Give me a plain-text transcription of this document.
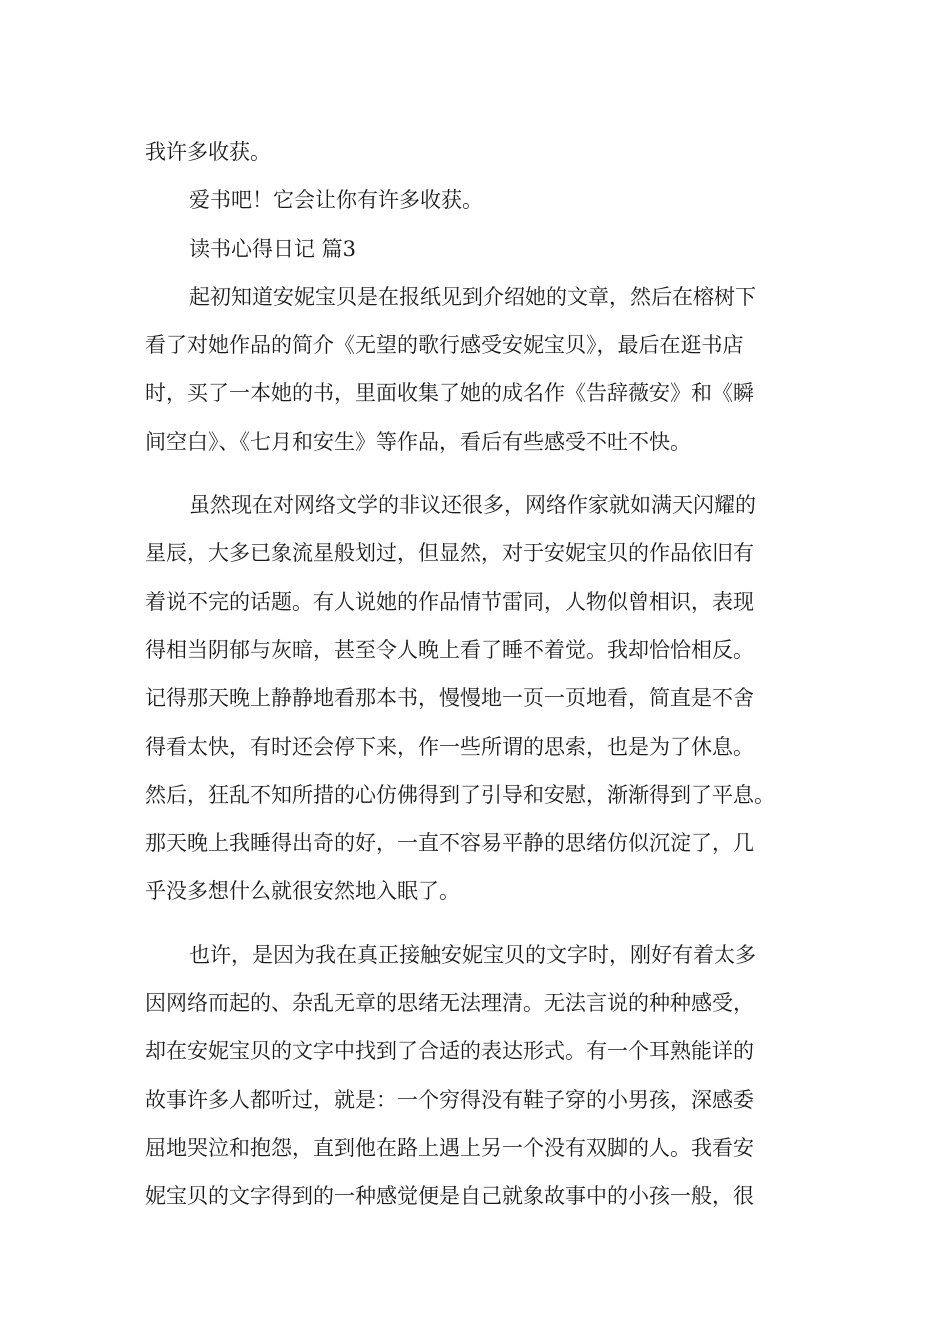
我许多收获。
爱书吧！它会让你有许多收获。
读书心得日记 篇3
起初知道安妮宝贝是在报纸见到介绍她的文章，然后在榕树下
看了对她作品的简介《无望的歌行感受安妮宝贝》，最后在逛书店
时，买了一本她的书，里面收集了她的成名作《告辞薇安》和《瞬
间空白》、《七月和安生》等作品，看后有些感受不吐不快。
虽然现在对网络文学的非议还很多，网络作家就如满天闪耀的
星辰，大多已象流星般划过，但显然，对于安妮宝贝的作品依旧有
着说不完的话题。有人说她的作品情节雷同，人物似曾相识，表现
得相当阴郁与灰暗，甚至令人晚上看了睡不着觉。我却恰恰相反。
记得那天晚上静静地看那本书，慢慢地一页一页地看，简直是不舍
得看太快，有时还会停下来，作一些所谓的思索，也是为了休息。
然后，狂乱不知所措的心仿佛得到了引导和安慰，渐渐得到了平息。
那天晚上我睡得出奇的好，一直不容易平静的思绪仿似沉淀了，几
乎没多想什么就很安然地入眠了。
也许，是因为我在真正接触安妮宝贝的文字时，刚好有着太多
因网络而起的、杂乱无章的思绪无法理清。无法言说的种种感受，
却在安妮宝贝的文字中找到了合适的表达形式。有一个耳熟能详的
故事许多人都听过，就是：一个穷得没有鞋子穿的小男孩，深感委
屈地哭泣和抱怨，直到他在路上遇上另一个没有双脚的人。我看安
妮宝贝的文字得到的一种感觉便是自己就象故事中的小孩一般，很
